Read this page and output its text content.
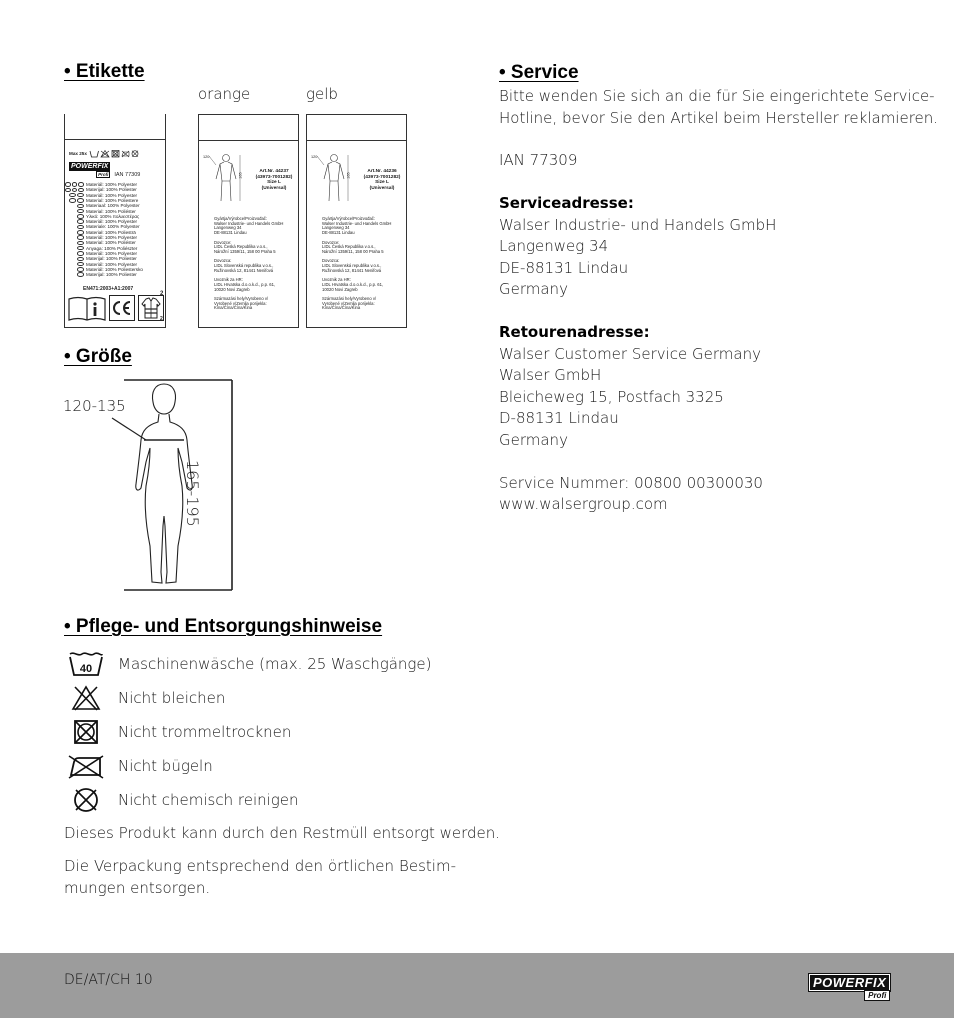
• Etikette
orange	gelb
Max 25x
POWERFIX
Profi	IAN 77309
Materiál: 100% Polyester
Materijal: 100% Poliester
Materiál: 100% Polyester
Material: 100% Poliestere
Materiaal: 100% Polyester
Material: 100% Poliéster
Υλικό: 100% πολυεστέρας
Materiál: 100% Polyester
Materiale: 100% Polyester
Materiał: 100% Poliesträ
Materiál: 100% Polyester
Material: 100% Poliéster
Anyaga: 100% Poliészter
Materiál: 100% Polyester
Materijal: 100% Poliester
Materiál: 100% Polyester
Materiál: 100% Poliestersko
Materijal: 100% Poliester
EN471:2003+A1:2007
2
2
120
165
Art.Nr. 44237
(43973-7001282)
Size L
(Universal)
Gyártja/Výrobce/Proizvođač:
Walser Industrie- und Handels GmbH
Langenweg 34
DE-88131 Lindau
Dovozce:
LIDL Česká Republika v.o.s.,
Nárožní 1359/11, 158 00 Praha 5
Dovozca:
LIDL Slovenská republika v.o.s.,
Ružinovská 12, 81441 Nenifová
Uvoznik za HR:
LIDL Hrvatska d.o.o.k.d., p.p. 61,
10020 Novi Zagreb
Származási hely/Vyrobeno v/
Vyrobené v/Zemlja porijekla:
Kína/Čína/Čína/Kina
120
165
Art.Nr. 44236
(43973-7001282)
Size L
(Universal)
Gyártja/Výrobce/Proizvođač:
Walser Industrie- und Handels GmbH
Langenweg 34
DE-88131 Lindau
Dovozce:
LIDL Česká Republika v.o.s.,
Nárožní 1359/11, 158 00 Praha 5
Dovozca:
LIDL Slovenská republika v.o.s.,
Ružinovská 12, 81441 Nenifová
Uvoznik za HR:
LIDL Hrvatska d.o.o.k.d., p.p. 61,
10020 Novi Zagreb
Származási hely/Vyrobeno v/
Vyrobené v/Zemlja porijekla:
Kína/Čína/Čína/Kina
• Größe
120-135
165-195
• Pflege- und Entsorgungshinweise
40 Maschinenwäsche (max. 25 Waschgänge)
Nicht bleichen
Nicht trommeltrocknen
Nicht bügeln
Nicht chemisch reinigen
Dieses Produkt kann durch den Restmüll entsorgt werden.
Die Verpackung entsprechend den örtlichen Bestim-
mungen entsorgen.
• Service
Bitte wenden Sie sich an die für Sie eingerichtete Service-
Hotline, bevor Sie den Artikel beim Hersteller reklamieren.
IAN 77309
Serviceadresse:
Walser Industrie- und Handels GmbH
Langenweg 34
DE-88131 Lindau
Germany
Retourenadresse:
Walser Customer Service Germany
Walser GmbH
Bleicheweg 15, Postfach 3325
D-88131 Lindau
Germany
Service Nummer: 00800 00300030
www.walsergroup.com
DE/AT/CH 10	POWERFIX
Profi
